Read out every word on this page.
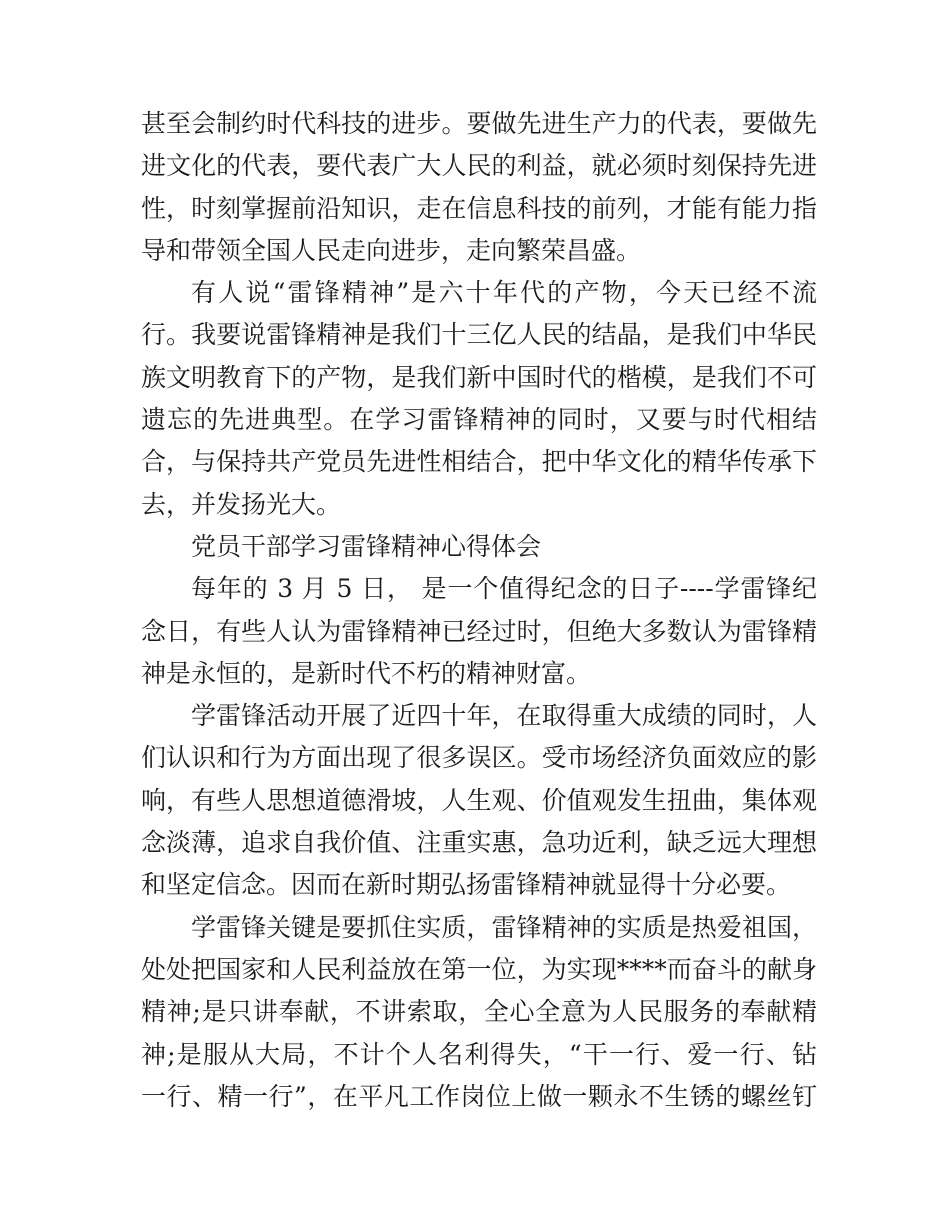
甚至会制约时代科技的进步。要做先进生产力的代表，要做先
进文化的代表，要代表广大人民的利益，就必须时刻保持先进
性，时刻掌握前沿知识，走在信息科技的前列，才能有能力指
导和带领全国人民走向进步，走向繁荣昌盛。
有人说“雷锋精神”是六十年代的产物，今天已经不流
行。我要说雷锋精神是我们十三亿人民的结晶，是我们中华民
族文明教育下的产物，是我们新中国时代的楷模，是我们不可
遗忘的先进典型。在学习雷锋精神的同时，又要与时代相结
合，与保持共产党员先进性相结合，把中华文化的精华传承下
去，并发扬光大。
党员干部学习雷锋精神心得体会
每年的 3 月 5 日， 是一个值得纪念的日子----学雷锋纪
念日，有些人认为雷锋精神已经过时，但绝大多数认为雷锋精
神是永恒的，是新时代不朽的精神财富。
学雷锋活动开展了近四十年，在取得重大成绩的同时，人
们认识和行为方面出现了很多误区。受市场经济负面效应的影
响，有些人思想道德滑坡，人生观、价值观发生扭曲，集体观
念淡薄，追求自我价值、注重实惠，急功近利，缺乏远大理想
和坚定信念。因而在新时期弘扬雷锋精神就显得十分必要。
学雷锋关键是要抓住实质，雷锋精神的实质是热爱祖国，
处处把国家和人民利益放在第一位，为实现****而奋斗的献身
精神;是只讲奉献，不讲索取，全心全意为人民服务的奉献精
神;是服从大局，不计个人名利得失，“干一行、爱一行、钻
一行、精一行”，在平凡工作岗位上做一颗永不生锈的螺丝钉
